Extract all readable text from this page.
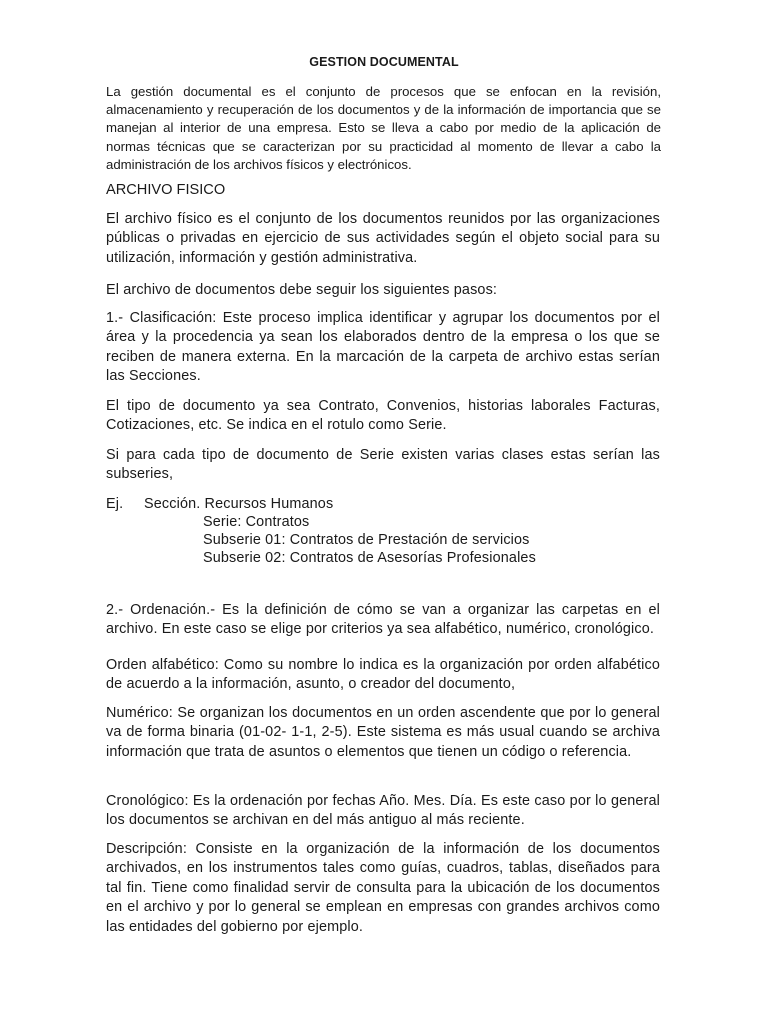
GESTION DOCUMENTAL
La gestión documental es el conjunto de procesos que se enfocan en la revisión, almacenamiento y recuperación de los documentos y de la información de importancia que se manejan al interior de una empresa. Esto se lleva a cabo por medio de la aplicación de normas técnicas que se caracterizan por su practicidad al momento de llevar a cabo la administración de los archivos físicos y electrónicos.
ARCHIVO FISICO
El archivo físico es el conjunto de los documentos reunidos por las organizaciones públicas o privadas en ejercicio de sus actividades según el objeto social para su utilización, información y gestión administrativa.
El archivo de documentos debe seguir los siguientes pasos:
1.- Clasificación: Este proceso implica identificar y agrupar los documentos por el área y la procedencia ya sean los elaborados dentro de la empresa o los que se reciben de manera externa. En la marcación de la carpeta de archivo estas serían las Secciones.
El tipo de documento ya sea Contrato, Convenios, historias laborales Facturas, Cotizaciones, etc. Se indica en el rotulo como Serie.
Si para cada tipo de documento de Serie existen varias clases estas serían las subseries,
Ej.	Sección. Recursos Humanos
Serie: Contratos
Subserie 01: Contratos de Prestación de servicios
Subserie 02: Contratos de Asesorías Profesionales
2.- Ordenación.- Es la definición de cómo se van a organizar las carpetas en el archivo. En este caso se elige por criterios ya sea alfabético, numérico, cronológico.
Orden alfabético: Como su nombre lo indica es la organización por orden alfabético de acuerdo a la información, asunto, o creador del documento,
Numérico: Se organizan los documentos en un orden ascendente que por lo general va de forma binaria (01-02- 1-1, 2-5). Este sistema es más usual cuando se archiva información que trata de asuntos o elementos que tienen un código o referencia.
Cronológico: Es la ordenación por fechas Año. Mes. Día. Es este caso por lo general los documentos se archivan en del más antiguo al más reciente.
Descripción: Consiste en la organización de la información de los documentos archivados, en los instrumentos tales como guías, cuadros, tablas, diseñados para tal fin. Tiene como finalidad servir de consulta para la ubicación de los documentos en el archivo y por lo general se emplean en empresas con grandes archivos como las entidades del gobierno por ejemplo.
